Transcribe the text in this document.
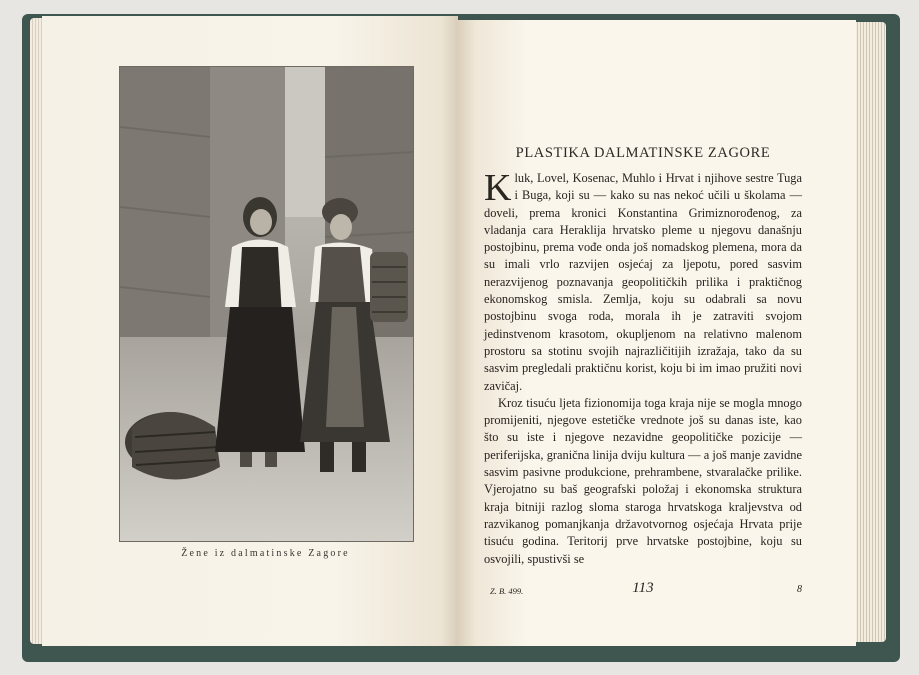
Žene iz dalmatinske Zagore
PLASTIKA DALMATINSKE ZAGORE

Kluk, Lovel, Kosenac, Muhlo i Hrvat i njihove sestre Tuga i Buga, koji su — kako su nas nekoć učili u školama — doveli, prema kronici Konstantina Grimiznorođenog, za vladanja cara Heraklija hrvatsko pleme u njegovu današnju postojbinu, prema vođe onda još nomadskog plemena, mora da su imali vrlo razvijen osjećaj za ljepotu, pored sasvim nerazvijenog poznavanja geopolitičkih prilika i praktičnog ekonomskog smisla. Zemlja, koju su odabrali sa novu postojbinu svoga roda, morala ih je zatraviti svojom jedinstvenom krasotom, okupljenom na relativno malenom prostoru sa stotinu svojih najrazličitijih izražaja, tako da su sasvim pregledali praktičnu korist, koju bi im imao pružiti novi zavičaj.

Kroz tisuću ljeta fizionomija toga kraja nije se mogla mnogo promijeniti, njegove estetičke vrednote još su danas iste, kao što su iste i njegove nezavidne geopolitičke pozicije — periferijska, granična linija dviju kultura — a još manje zavidne sasvim pasivne produkcione, prehrambene, stvaralačke prilike. Vjerojatno su baš geografski položaj i ekonomska struktura kraja bitniji razlog sloma staroga hrvatskoga kraljevstva od razvikanog pomanjkanja državotvornog osjećaja Hrvata prije tisuću godina. Teritorij prve hrvatske postojbine, koju su osvojili, spustivši se

Z. B. 499.	113	8
